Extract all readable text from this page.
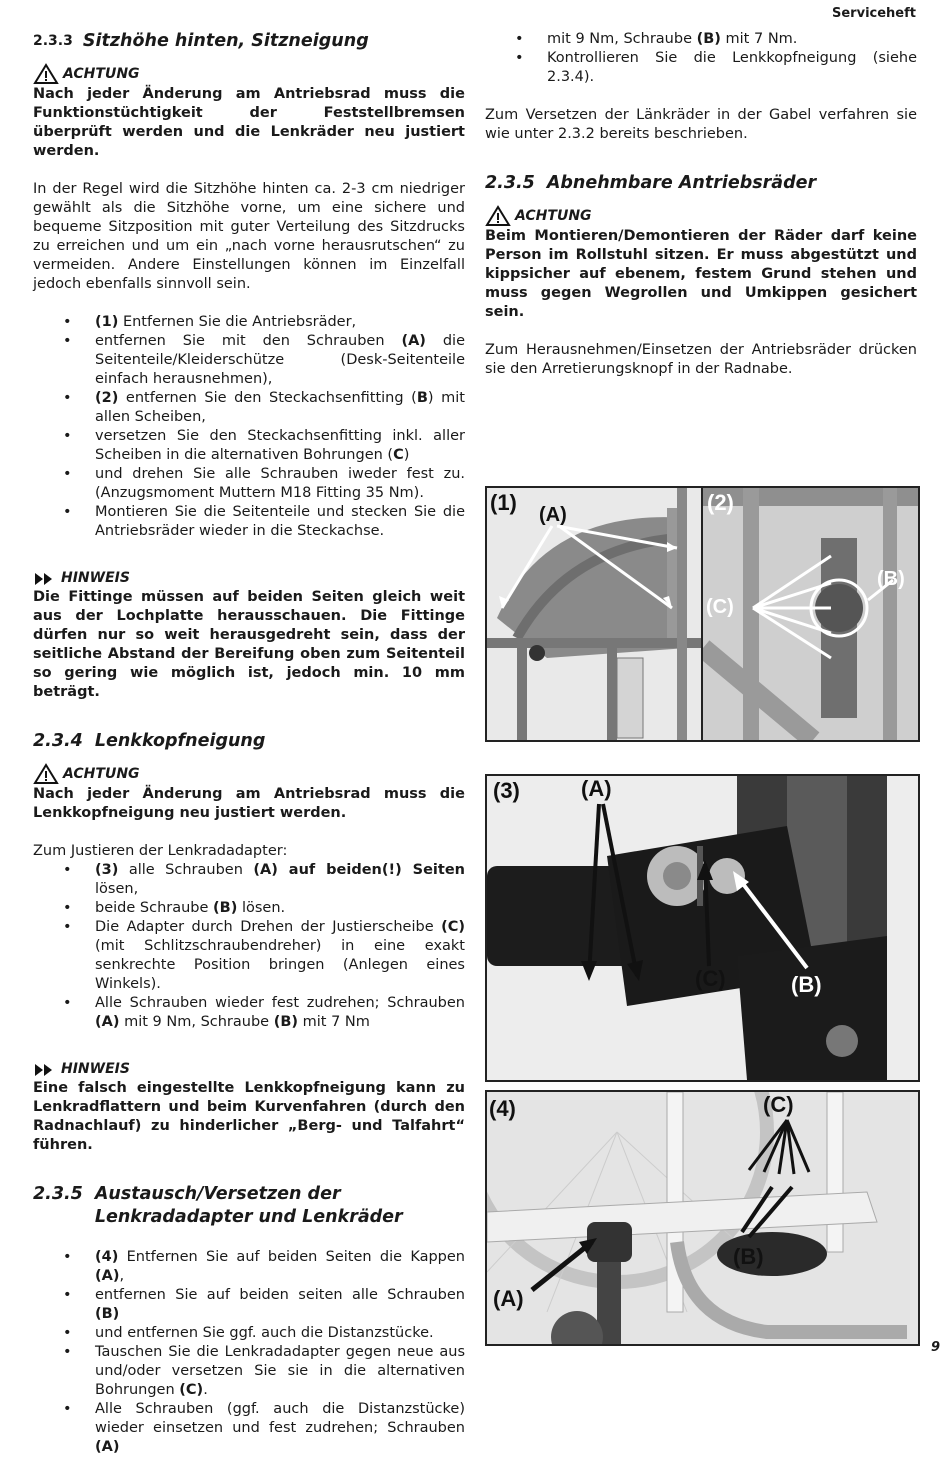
Serviceheft
2.3.3 Sitzhöhe hinten, Sitzneigung
ACHTUNG

Nach jeder Änderung am Antriebsrad muss die Funktionstüchtigkeit der Feststellbremsen überprüft werden und die Lenkräder neu justiert werden.

In der Regel wird die Sitzhöhe hinten ca. 2-3 cm niedriger gewählt als die Sitzhöhe vorne, um eine sichere und bequeme Sitzposition mit guter Verteilung des Sitzdrucks zu erreichen und um ein „nach vorne herausrutschen“ zu vermeiden. Andere Einstellungen können im Einzelfall jedoch ebenfalls sinnvoll sein.

• (1) Entfernen Sie die Antriebsräder,
• entfernen Sie mit den Schrauben (A) die Seitenteile/Kleiderschütze (Desk-Seitenteile einfach herausnehmen),
• (2) entfernen Sie den Steckachsenfitting (B) mit allen Scheiben,
• versetzen Sie den Steckachsenfitting inkl. aller Scheiben in die alternativen Bohrungen (C)
• und drehen Sie alle Schrauben iweder fest zu. (Anzugsmoment Muttern M18 Fitting 35 Nm).
• Montieren Sie die Seitenteile und stecken Sie die Antriebsräder wieder in die Steckachse.
HINWEIS

Die Fittinge müssen auf beiden Seiten gleich weit aus der Lochplatte herausschauen. Die Fittinge dürfen nur so weit herausgedreht sein, dass der seitliche Abstand der Bereifung oben zum Seitenteil so gering wie möglich ist, jedoch min. 10 mm beträgt.

2.3.4 Lenkkopfneigung
ACHTUNG

Nach jeder Änderung am Antriebsrad muss die Lenkkopfneigung neu justiert werden.

Zum Justieren der Lenkradadapter:

• (3) alle Schrauben (A) auf beiden(!) Seiten lösen,
• beide Schraube (B) lösen.
• Die Adapter durch Drehen der Justierscheibe (C) (mit Schlitzschraubendreher) in eine exakt senkrechte Position bringen (Anlegen eines Winkels).
• Alle Schrauben wieder fest zudrehen; Schrauben (A) mit 9 Nm, Schraube (B) mit 7 Nm
HINWEIS

Eine falsch eingestellte Lenkkopfneigung kann zu Lenkradflattern und beim Kurvenfahren (durch den Radnachlauf) zu hinderlicher „Berg- und Talfahrt“ führen.

2.3.5 Austausch/Versetzen der Lenkradadapter und Lenkräder
• (4) Entfernen Sie auf beiden Seiten die Kappen (A),
• entfernen Sie auf beiden seiten alle Schrauben (B)
• und entfernen Sie ggf. auch die Distanzstücke.
• Tauschen Sie die Lenkradadapter gegen neue aus und/oder versetzen Sie sie in die alternativen Bohrungen (C).
• Alle Schrauben (ggf. auch die Distanzstücke) wieder einsetzen und fest zudrehen; Schrauben (A)
• mit 9 Nm, Schraube (B) mit 7 Nm.
• Kontrollieren Sie die Lenkkopfneigung (siehe 2.3.4).

Zum Versetzen der Länkräder in der Gabel verfahren sie wie unter 2.3.2 bereits beschrieben.

2.3.5 Abnehmbare Antriebsräder
ACHTUNG

Beim Montieren/Demontieren der Räder darf keine Person im Rollstuhl sitzen. Er muss abgestützt und kippsicher auf ebenem, festem Grund stehen und muss gegen Wegrollen und Umkippen gesichert sein.

Zum Herausnehmen/Einsetzen der Antriebsräder drücken sie den Arretierungsknopf in der Radnabe.

(1) (A)	(2)
(B)
(C)
(3)	(A)
(C)	(B)
(4)	(C)
(B)
(A)
9
